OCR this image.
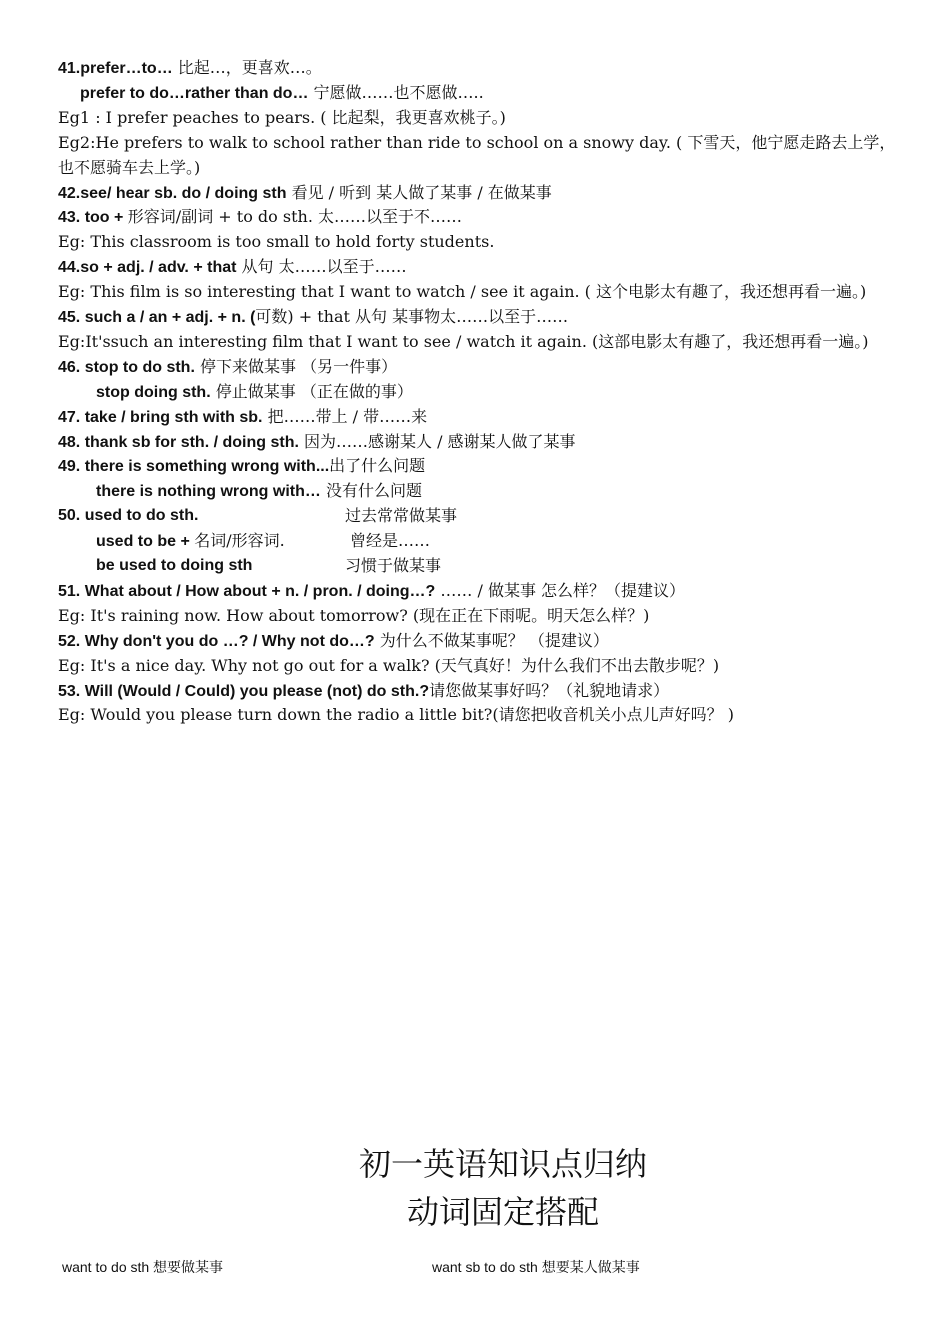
41.prefer…to… 比起…，更喜欢…。
prefer to do…rather than do… 宁愿做……也不愿做…..
Eg1 : I prefer peaches to pears. ( 比起梨，我更喜欢桃子。)
Eg2:He prefers to walk to school rather than ride to school on a snowy day. ( 下雪天，他宁愿走路去上学，
也不愿骑车去上学。)
42.see/ hear sb. do / doing sth 看见 / 听到 某人做了某事 / 在做某事
43. too + 形容词/副词 + to do sth. 太……以至于不……
Eg: This classroom is too small to hold forty students.
44.so + adj. / adv. + that 从句 太……以至于……
Eg: This film is so interesting that I want to watch / see it again. ( 这个电影太有趣了，我还想再看一遍。)
45. such a / an + adj. + n. (可数) + that 从句 某事物太……以至于……
Eg:It'ssuch an interesting film that I want to see / watch it again. (这部电影太有趣了，我还想再看一遍。)
46. stop to do sth. 停下来做某事 （另一件事）
stop doing sth. 停止做某事 （正在做的事）
47. take / bring sth with sb. 把……带上 / 带……来
48. thank sb for sth. / doing sth. 因为……感谢某人 / 感谢某人做了某事
49. there is something wrong with...出了什么问题
there is nothing wrong with… 没有什么问题
50. used to do sth.	过去常常做某事
used to be + 名词/形容词.	曾经是……
be used to doing sth	习惯于做某事
51. What about / How about + n. / pron. / doing…? …… / 做某事 怎么样？（提建议）
Eg: It's raining now. How about tomorrow? (现在正在下雨呢。明天怎么样？)
52. Why don't you do …? / Why not do…? 为什么不做某事呢？ （提建议）
Eg: It's a nice day. Why not go out for a walk? (天气真好！为什么我们不出去散步呢？)
53. Will (Would / Could) you please (not) do sth.?请您做某事好吗？（礼貌地请求）
Eg: Would you please turn down the radio a little bit?(请您把收音机关小点儿声好吗？ )
初一英语知识点归纳
动词固定搭配
want to do sth 想要做某事	want sb to do sth 想要某人做某事
